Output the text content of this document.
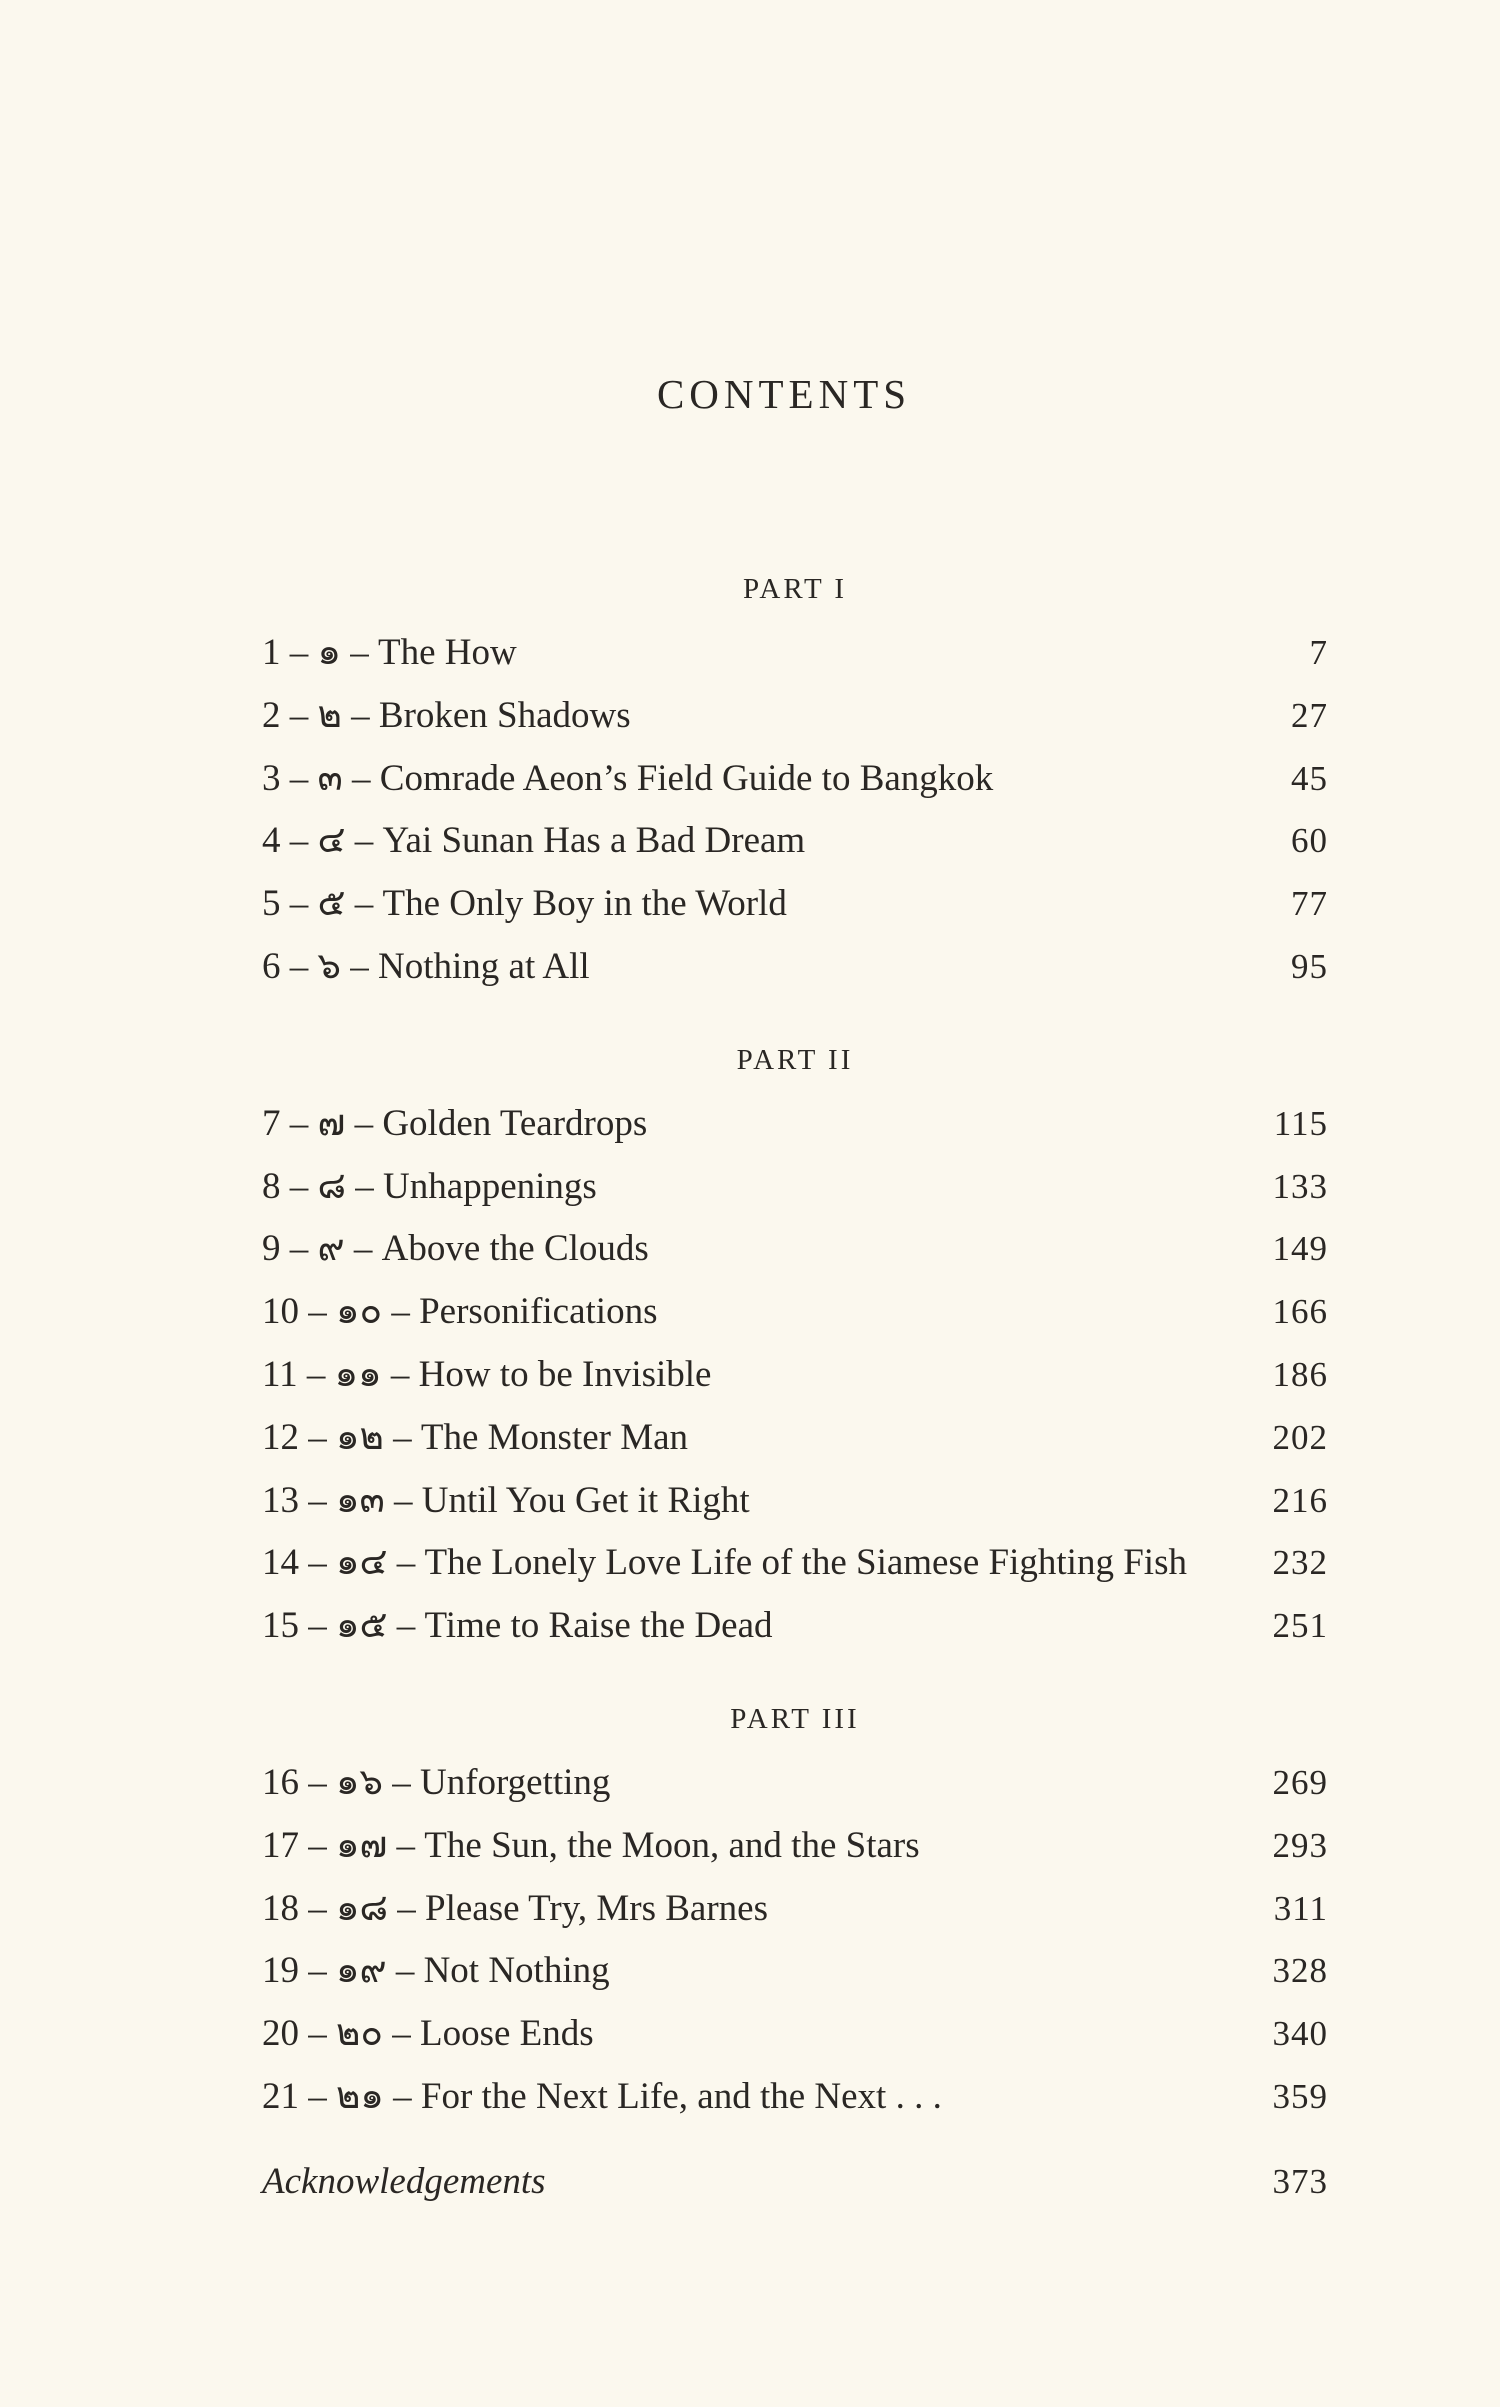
CONTENTS
PART I
1 – ๑ – The How	7
2 – ๒ – Broken Shadows	27
3 – ๓ – Comrade Aeon’s Field Guide to Bangkok	45
4 – ๔ – Yai Sunan Has a Bad Dream	60
5 – ๕ – The Only Boy in the World	77
6 – ๖ – Nothing at All	95
PART II
7 – ๗ – Golden Teardrops	115
8 – ๘ – Unhappenings	133
9 – ๙ – Above the Clouds	149
10 – ๑๐ – Personifications	166
11 – ๑๑ – How to be Invisible	186
12 – ๑๒ – The Monster Man	202
13 – ๑๓ – Until You Get it Right	216
14 – ๑๔ – The Lonely Love Life of the Siamese Fighting Fish 232
15 – ๑๕ – Time to Raise the Dead	251
PART III
16 – ๑๖ – Unforgetting	269
17 – ๑๗ – The Sun, the Moon, and the Stars	293
18 – ๑๘ – Please Try, Mrs Barnes	311
19 – ๑๙ – Not Nothing	328
20 – ๒๐ – Loose Ends	340
21 – ๒๑ – For the Next Life, and the Next . . .	359
Acknowledgements	373
